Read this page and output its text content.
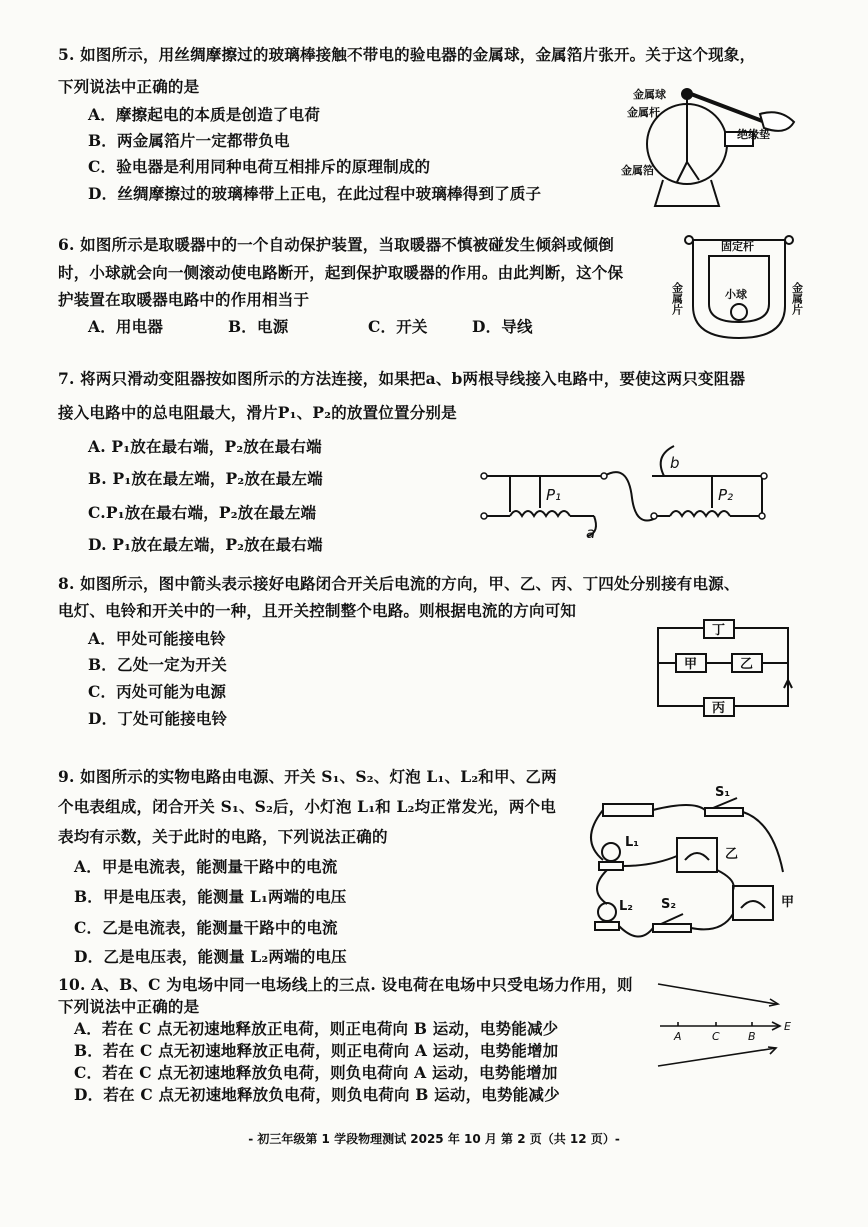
5. 如图所示，用丝绸摩擦过的玻璃棒接触不带电的验电器的金属球，金属箔片张开。关于这个现象，
下列说法中正确的是
A．摩擦起电的本质是创造了电荷
B．两金属箔片一定都带负电
C．验电器是利用同种电荷互相排斥的原理制成的
D．丝绸摩擦过的玻璃棒带上正电，在此过程中玻璃棒得到了质子
金属球
金属杆
绝缘垫
金属箔
6. 如图所示是取暖器中的一个自动保护装置，当取暖器不慎被碰发生倾斜或倾倒
时，小球就会向一侧滚动使电路断开，起到保护取暖器的作用。由此判断，这个保
护装置在取暖器电路中的作用相当于
A．用电器	B．电源	C．开关	D．导线
固定杆
小球
金属片	金属片
7. 将两只滑动变阻器按如图所示的方法连接，如果把a、b两根导线接入电路中，要使这两只变阻器
接入电路中的总电阻最大，滑片P₁、P₂的放置位置分别是
A. P₁放在最右端，P₂放在最右端
B. P₁放在最左端，P₂放在最左端
C.P₁放在最右端，P₂放在最左端
D. P₁放在最左端，P₂放在最右端
P₁	P₂
a
b
8. 如图所示，图中箭头表示接好电路闭合开关后电流的方向，甲、乙、丙、丁四处分别接有电源、
电灯、电铃和开关中的一种，且开关控制整个电路。则根据电流的方向可知
A．甲处可能接电铃
B．乙处一定为开关
C．丙处可能为电源
D．丁处可能接电铃
丁
甲	乙
丙
9. 如图所示的实物电路由电源、开关 S₁、S₂、灯泡 L₁、L₂和甲、乙两
个电表组成，闭合开关 S₁、S₂后，小灯泡 L₁和 L₂均正常发光，两个电
表均有示数，关于此时的电路，下列说法正确的
A．甲是电流表，能测量干路中的电流
B．甲是电压表，能测量 L₁两端的电压
C．乙是电流表，能测量干路中的电流
D．乙是电压表，能测量 L₂两端的电压
S₁
L₁
乙
L₂ S₂	甲
10. A、B、C 为电场中同一电场线上的三点. 设电荷在电场中只受电场力作用，则
下列说法中正确的是
A．若在 C 点无初速地释放正电荷，则正电荷向 B 运动，电势能减少
B．若在 C 点无初速地释放正电荷，则正电荷向 A 运动，电势能增加
C．若在 C 点无初速地释放负电荷，则负电荷向 A 运动，电势能增加
D．若在 C 点无初速地释放负电荷，则负电荷向 B 运动，电势能减少
A	C	B
E
- 初三年级第 1 学段物理测试 2025 年 10 月 第 2 页（共 12 页）-
